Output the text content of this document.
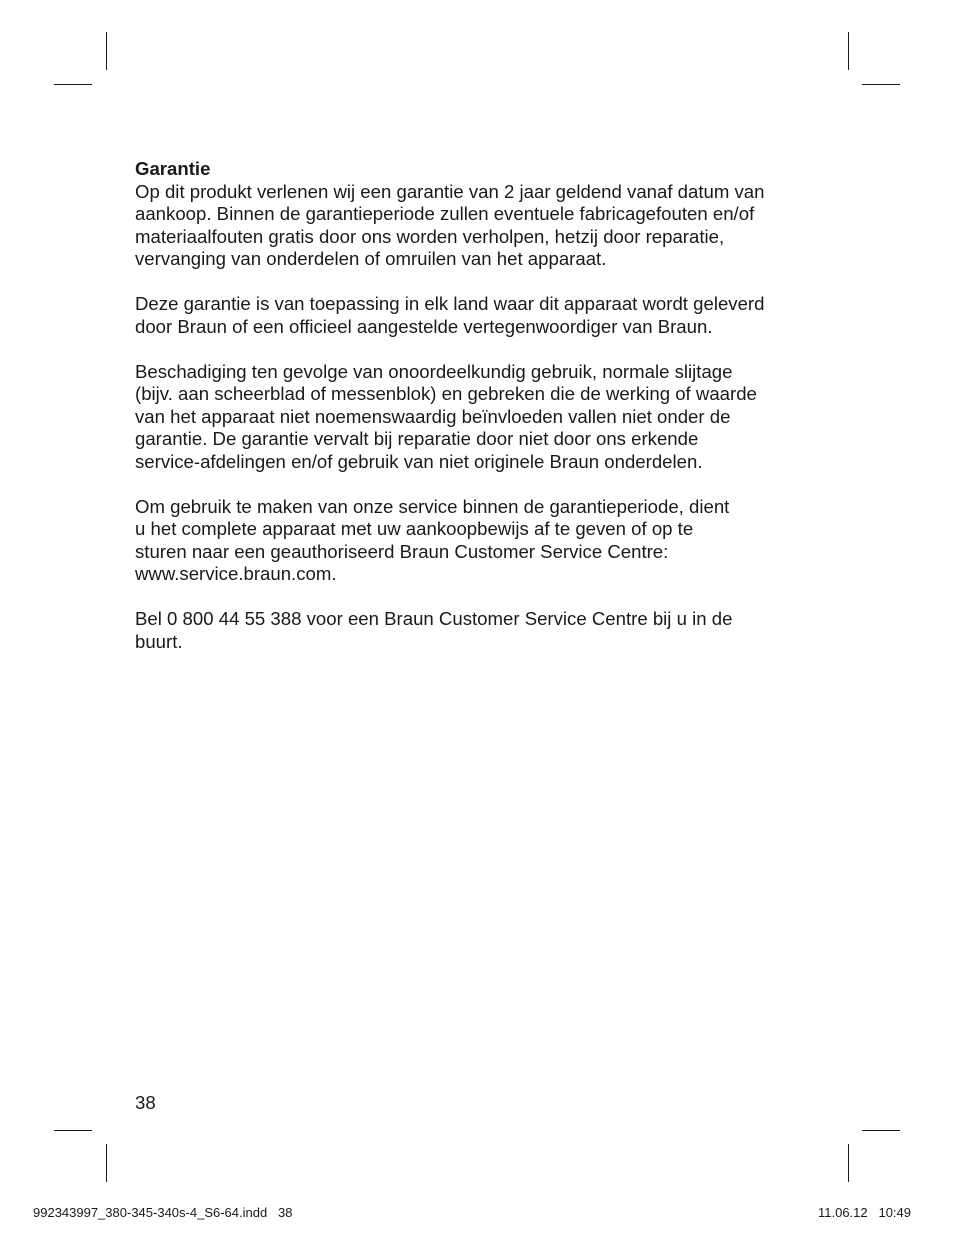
Garantie

Op dit produkt verlenen wij een garantie van 2 jaar geldend vanaf datum van
aankoop. Binnen de garantieperiode zullen eventuele fabricagefouten en/of
materiaalfouten gratis door ons worden verholpen, hetzij door reparatie,
vervanging van onderdelen of omruilen van het apparaat.

Deze garantie is van toepassing in elk land waar dit apparaat wordt geleverd
door Braun of een officieel aangestelde vertegenwoordiger van Braun.

Beschadiging ten gevolge van onoordeelkundig gebruik, normale slijtage
(bijv. aan scheerblad of messenblok) en gebreken die de werking of waarde
van het apparaat niet noemenswaardig beïnvloeden vallen niet onder de
garantie. De garantie vervalt bij reparatie door niet door ons erkende
service-afdelingen en/of gebruik van niet originele Braun onderdelen.

Om gebruik te maken van onze service binnen de garantieperiode, dient
u het complete apparaat met uw aankoopbewijs af te geven of op te
sturen naar een geauthoriseerd Braun Customer Service Centre:
www.service.braun.com.

Bel 0 800 44 55 388 voor een Braun Customer Service Centre bij u in de
buurt.

38
992343997_380-345-340s-4_S6-64.indd   38	11.06.12   10:49
